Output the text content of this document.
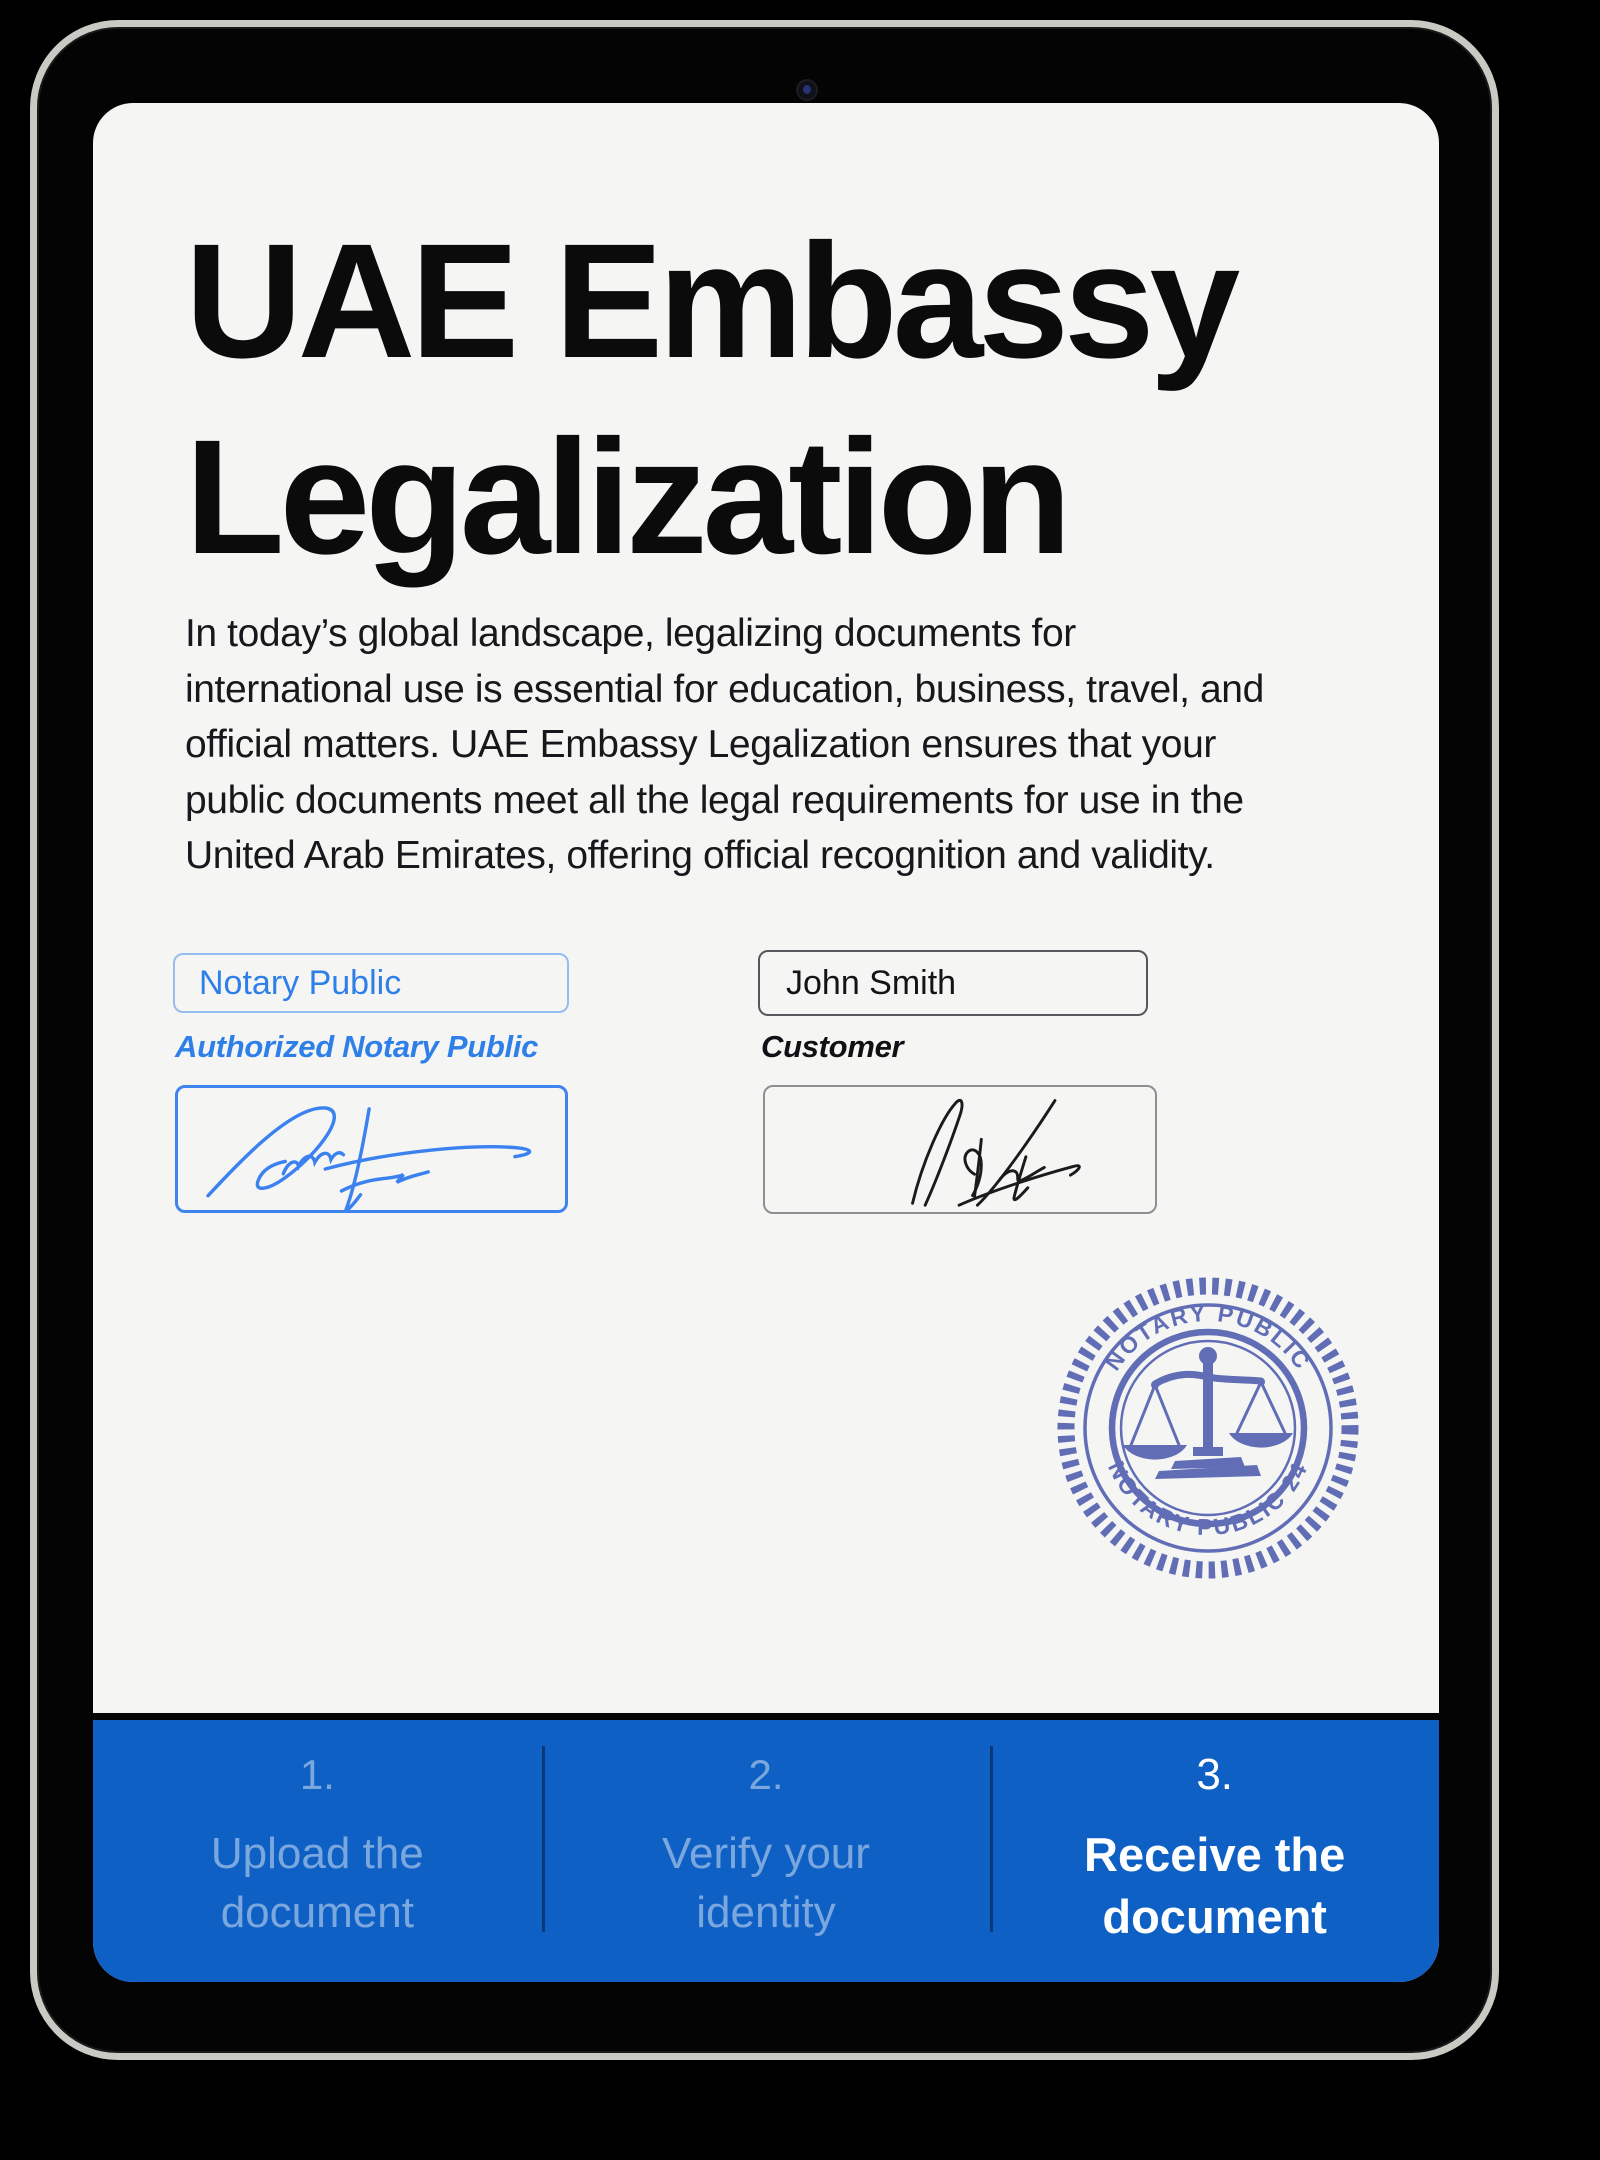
UAE Embassy
Legalization
In today’s global landscape, legalizing documents for
international use is essential for education, business, travel, and
official matters. UAE Embassy Legalization ensures that your
public documents meet all the legal requirements for use in the
United Arab Emirates, offering official recognition and validity.
Notary Public
John Smith
Authorized Notary Public	Customer
NOTARY PUBLIC
NOTARY PUBLIC 24
1.
Upload the
document
2.
Verify your
identity
3.
Receive the
document
